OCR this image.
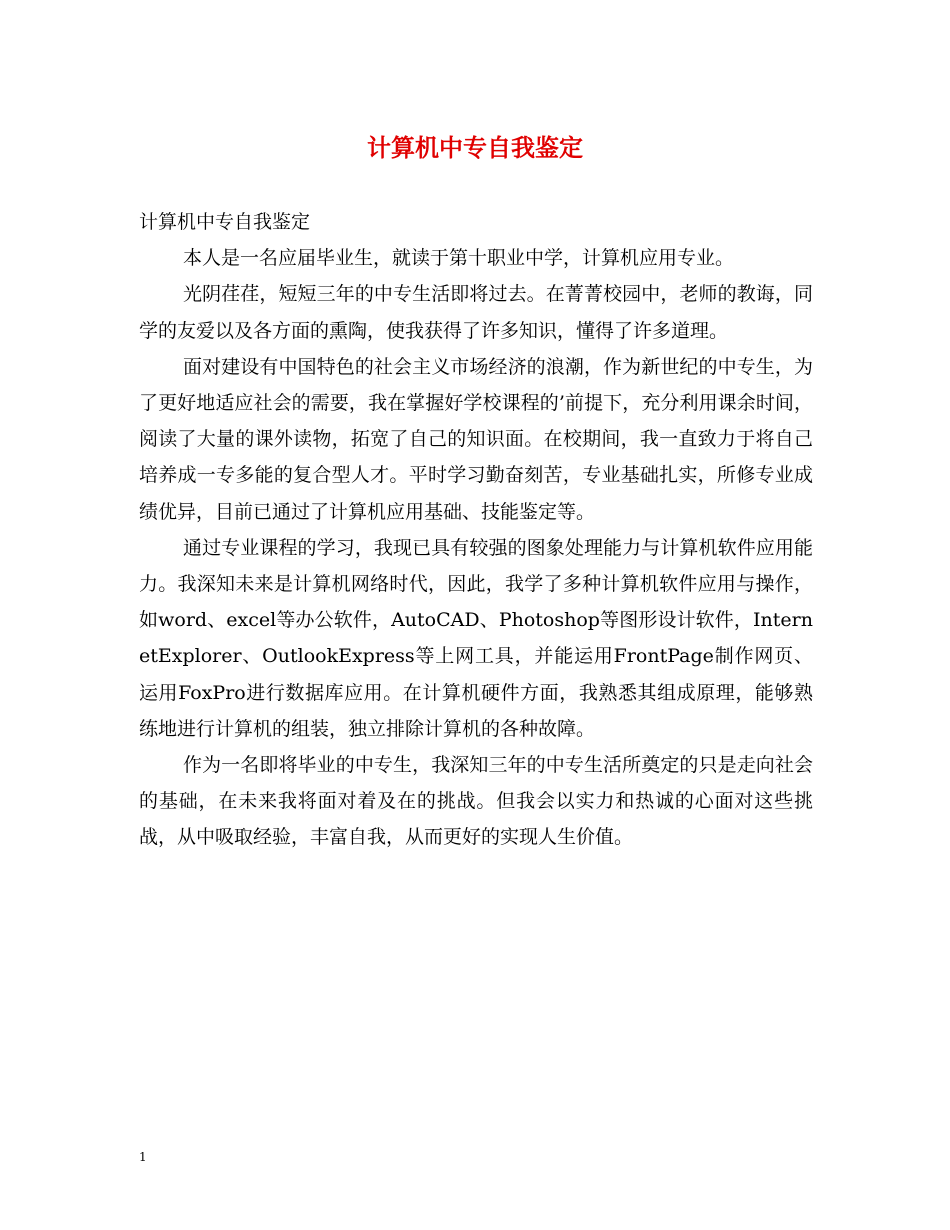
计算机中专自我鉴定

计算机中专自我鉴定

本人是一名应届毕业生，就读于第十职业中学，计算机应用专业。

光阴荏荏，短短三年的中专生活即将过去。在菁菁校园中，老师的教诲，同学的友爱以及各方面的熏陶，使我获得了许多知识，懂得了许多道理。

面对建设有中国特色的社会主义市场经济的浪潮，作为新世纪的中专生，为了更好地适应社会的需要，我在掌握好学校课程的’前提下，充分利用课余时间，阅读了大量的课外读物，拓宽了自己的知识面。在校期间，我一直致力于将自己培养成一专多能的复合型人才。平时学习勤奋刻苦，专业基础扎实，所修专业成绩优异，目前已通过了计算机应用基础、技能鉴定等。

通过专业课程的学习，我现已具有较强的图象处理能力与计算机软件应用能力。我深知未来是计算机网络时代，因此，我学了多种计算机软件应用与操作，如word、excel等办公软件，AutoCAD、Photoshop等图形设计软件，InternetExplorer、OutlookExpress等上网工具，并能运用FrontPage制作网页、运用FoxPro进行数据库应用。在计算机硬件方面，我熟悉其组成原理，能够熟练地进行计算机的组装，独立排除计算机的各种故障。

作为一名即将毕业的中专生，我深知三年的中专生活所奠定的只是走向社会的基础，在未来我将面对着及在的挑战。但我会以实力和热诚的心面对这些挑战，从中吸取经验，丰富自我，从而更好的实现人生价值。

1
